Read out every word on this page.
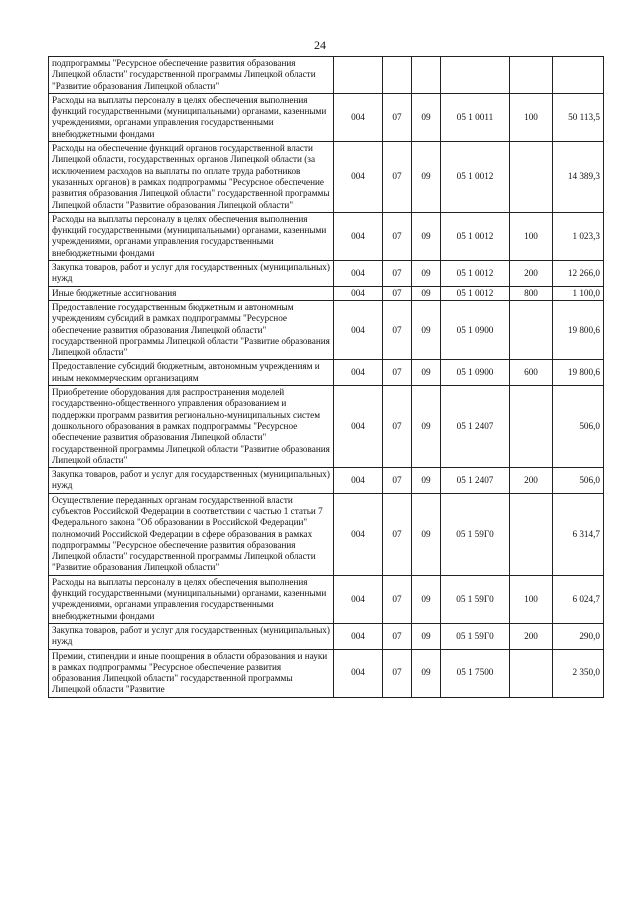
24
подпрограммы "Ресурсное обеспечение развития образования Липецкой области" государственной программы Липецкой области "Развитие образования Липецкой области"						
Расходы на выплаты персоналу в целях обеспечения выполнения функций государственными (муниципальными) органами, казенными учреждениями, органами управления государственными внебюджетными фондами	004	07	09	05 1 0011	100	50 113,5
Расходы на обеспечение функций органов государственной власти Липецкой области, государственных органов Липецкой области (за исключением расходов на выплаты по оплате труда работников указанных органов) в рамках подпрограммы "Ресурсное обеспечение развития образования Липецкой области" государственной программы Липецкой области "Развитие образования Липецкой области"	004	07	09	05 1 0012		14 389,3
Расходы на выплаты персоналу в целях обеспечения выполнения функций государственными (муниципальными) органами, казенными учреждениями, органами управления государственными внебюджетными фондами	004	07	09	05 1 0012	100	1 023,3
Закупка товаров, работ и услуг для государственных (муниципальных) нужд	004	07	09	05 1 0012	200	12 266,0
Иные бюджетные ассигнования	004	07	09	05 1 0012	800	1 100,0
Предоставление государственным бюджетным и автономным учреждениям субсидий в рамках подпрограммы "Ресурсное обеспечение развития образования Липецкой области" государственной программы Липецкой области "Развитие образования Липецкой области"	004	07	09	05 1 0900		19 800,6
Предоставление субсидий бюджетным, автономным учреждениям и иным некоммерческим организациям	004	07	09	05 1 0900	600	19 800,6
Приобретение оборудования для распространения моделей государственно-общественного управления образованием и поддержки программ развития регионально-муниципальных систем дошкольного образования в рамках подпрограммы "Ресурсное обеспечение развития образования Липецкой области" государственной программы Липецкой области "Развитие образования Липецкой области"	004	07	09	05 1 2407		506,0
Закупка товаров, работ и услуг для государственных (муниципальных) нужд	004	07	09	05 1 2407	200	506,0
Осуществление переданных органам государственной власти субъектов Российской Федерации в соответствии с частью 1 статьи 7 Федерального закона "Об образовании в Российской Федерации" полномочий Российской Федерации в сфере образования в рамках подпрограммы "Ресурсное обеспечение развития образования Липецкой области" государственной программы Липецкой области "Развитие образования Липецкой области"	004	07	09	05 1 59Г0		6 314,7
Расходы на выплаты персоналу в целях обеспечения выполнения функций государственными (муниципальными) органами, казенными учреждениями, органами управления государственными внебюджетными фондами	004	07	09	05 1 59Г0	100	6 024,7
Закупка товаров, работ и услуг для государственных (муниципальных) нужд	004	07	09	05 1 59Г0	200	290,0
Премии, стипендии и иные поощрения в области образования и науки в рамках подпрограммы "Ресурсное обеспечение развития образования Липецкой области" государственной программы Липецкой области "Развитие	004	07	09	05 1 7500		2 350,0
